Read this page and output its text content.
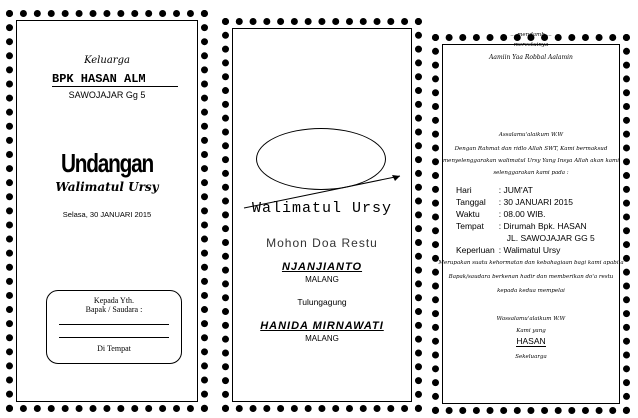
Keluarga
BPK HASAN ALM
SAWOJAJAR Gg 5
Undangan
Walimatul Ursy
Selasa, 30 JANUARI 2015
Kepada Yth.
Bapak / Saudara :
Di Tempat
Walimatul Ursy
Mohon Doa Restu
NJANJIANTO
MALANG
Tulungagung
HANIDA MIRNAWATI
MALANG
... mendamb ...
merestuinya
Aamiin Yaa Robbal Aalamin
Assalamu'alaikum W.W
Dengan Rahmat dan ridlo Allah SWT, Kami bermaksud
menyelenggarakan walimatul Ursy Yang Insya Allah akan kami
selenggarakan kami pada :
Hari	: JUM'AT
Tanggal	: 30 JANUARI 2015
Waktu	: 08.00 WIB.
Tempat	: Dirumah Bpk. HASAN
	JL. SAWOJAJAR GG 5
Keperluan	: Walimatul Ursy
Merupakan suatu kehormatan dan kebahagiaan bagi kami apabila
Bapak/saudara berkenan hadir dan memberikan do'a restu
kepada kedua mempelai
Wassalamu'alaikum W.W
Kami yang
HASAN
Sekeluarga
